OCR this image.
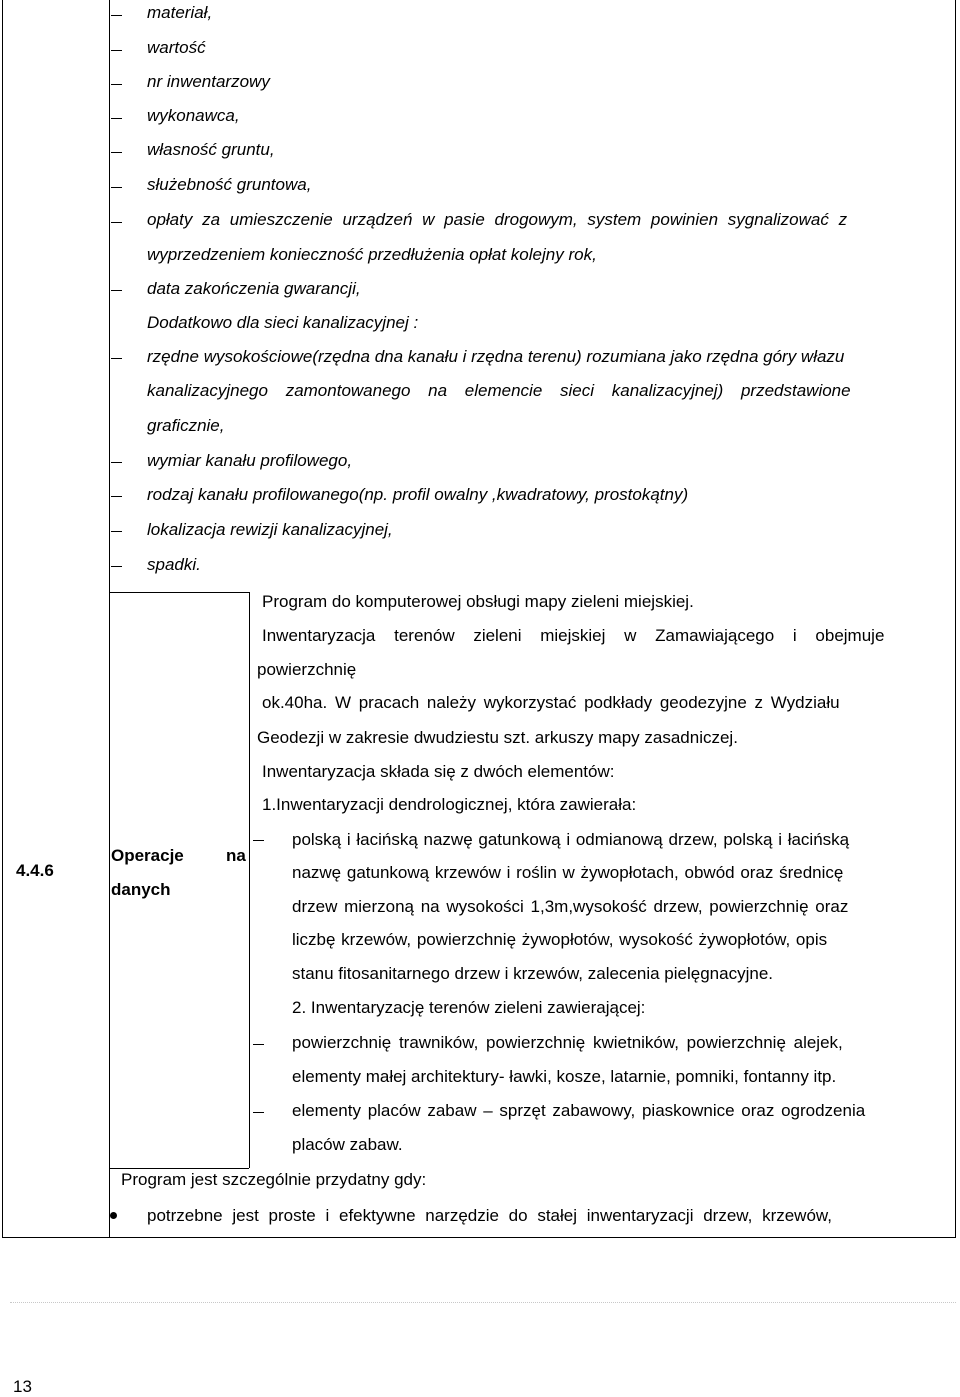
materiał,
wartość
nr inwentarzowy
wykonawca,
własność gruntu,
służebność gruntowa,
opłaty za umieszczenie urządzeń w pasie drogowym, system powinien sygnalizować z
wyprzedzeniem konieczność przedłużenia opłat kolejny rok,
data zakończenia gwarancji,
Dodatkowo dla sieci kanalizacyjnej :
rzędne wysokościowe(rzędna dna kanału i rzędna terenu) rozumiana jako rzędna góry włazu
kanalizacyjnego zamontowanego na elemencie sieci kanalizacyjnej) przedstawione
graficznie,
wymiar kanału profilowego,
rodzaj kanału profilowanego(np. profil owalny ,kwadratowy, prostokątny)
lokalizacja rewizji kanalizacyjnej,
spadki.
4.4.6
Operacje na
danych
Program do komputerowej obsługi mapy zieleni miejskiej.
Inwentaryzacja terenów zieleni miejskiej w Zamawiającego i obejmuje
powierzchnię
ok.40ha. W pracach należy wykorzystać podkłady geodezyjne z Wydziału
Geodezji w zakresie dwudziestu szt. arkuszy mapy zasadniczej.
Inwentaryzacja składa się z dwóch elementów:
1.Inwentaryzacji dendrologicznej, która zawierała:
polską i łacińską nazwę gatunkową i odmianową drzew, polską i łacińską
nazwę gatunkową krzewów i roślin w żywopłotach, obwód oraz średnicę
drzew mierzoną na wysokości 1,3m,wysokość drzew, powierzchnię oraz
liczbę krzewów, powierzchnię żywopłotów, wysokość żywopłotów, opis
stanu fitosanitarnego drzew i krzewów, zalecenia pielęgnacyjne.
2. Inwentaryzację terenów zieleni zawierającej:
powierzchnię trawników, powierzchnię kwietników, powierzchnię alejek,
elementy małej architektury- ławki, kosze, latarnie, pomniki, fontanny itp.
elementy placów zabaw – sprzęt zabawowy, piaskownice oraz ogrodzenia
placów zabaw.
Program jest szczególnie przydatny gdy:
potrzebne jest proste i efektywne narzędzie do stałej inwentaryzacji drzew, krzewów,
13
